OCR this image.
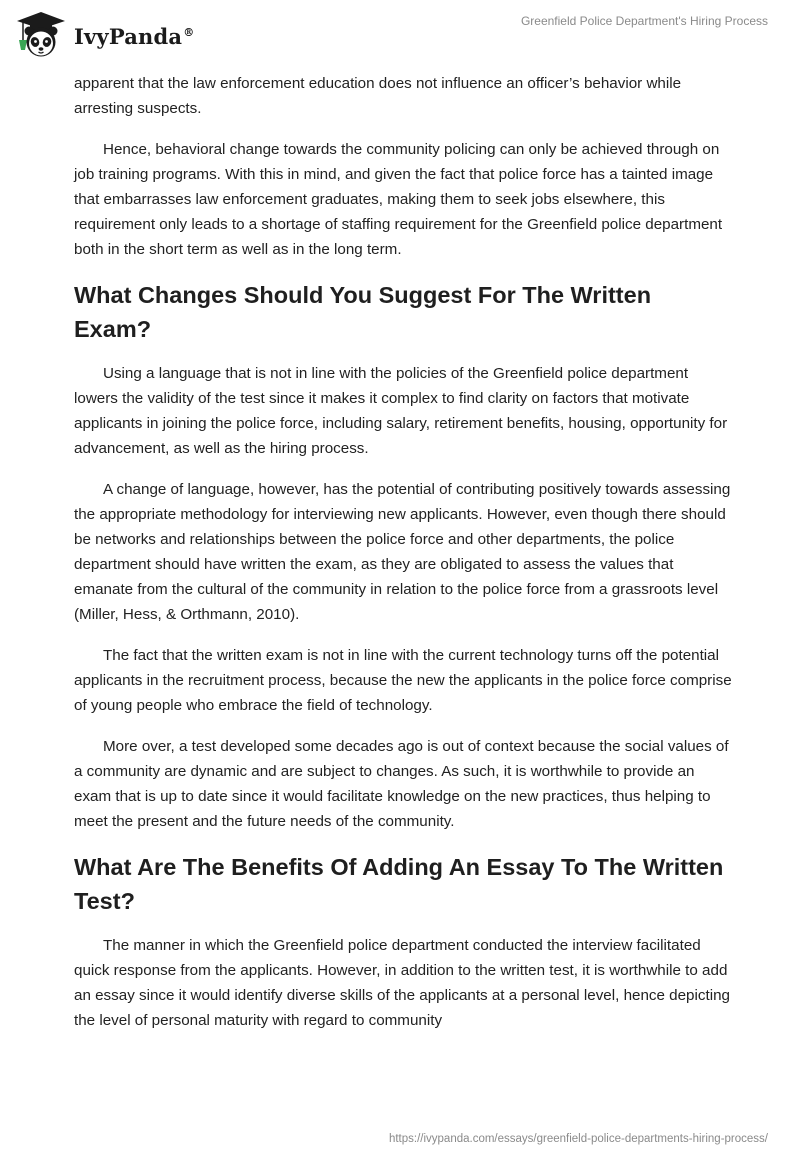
IvyPanda®
Greenfield Police Department's Hiring Process

apparent that the law enforcement education does not influence an officer’s behavior while arresting suspects.

Hence, behavioral change towards the community policing can only be achieved through on job training programs. With this in mind, and given the fact that police force has a tainted image that embarrasses law enforcement graduates, making them to seek jobs elsewhere, this requirement only leads to a shortage of staffing requirement for the Greenfield police department both in the short term as well as in the long term.

What Changes Should You Suggest For The Written Exam?

Using a language that is not in line with the policies of the Greenfield police department lowers the validity of the test since it makes it complex to find clarity on factors that motivate applicants in joining the police force, including salary, retirement benefits, housing, opportunity for advancement, as well as the hiring process.

A change of language, however, has the potential of contributing positively towards assessing the appropriate methodology for interviewing new applicants. However, even though there should be networks and relationships between the police force and other departments, the police department should have written the exam, as they are obligated to assess the values that emanate from the cultural of the community in relation to the police force from a grassroots level (Miller, Hess, & Orthmann, 2010).

The fact that the written exam is not in line with the current technology turns off the potential applicants in the recruitment process, because the new the applicants in the police force comprise of young people who embrace the field of technology.

More over, a test developed some decades ago is out of context because the social values of a community are dynamic and are subject to changes. As such, it is worthwhile to provide an exam that is up to date since it would facilitate knowledge on the new practices, thus helping to meet the present and the future needs of the community.

What Are The Benefits Of Adding An Essay To The Written Test?

The manner in which the Greenfield police department conducted the interview facilitated quick response from the applicants. However, in addition to the written test, it is worthwhile to add an essay since it would identify diverse skills of the applicants at a personal level, hence depicting the level of personal maturity with regard to community

https://ivypanda.com/essays/greenfield-police-departments-hiring-process/
